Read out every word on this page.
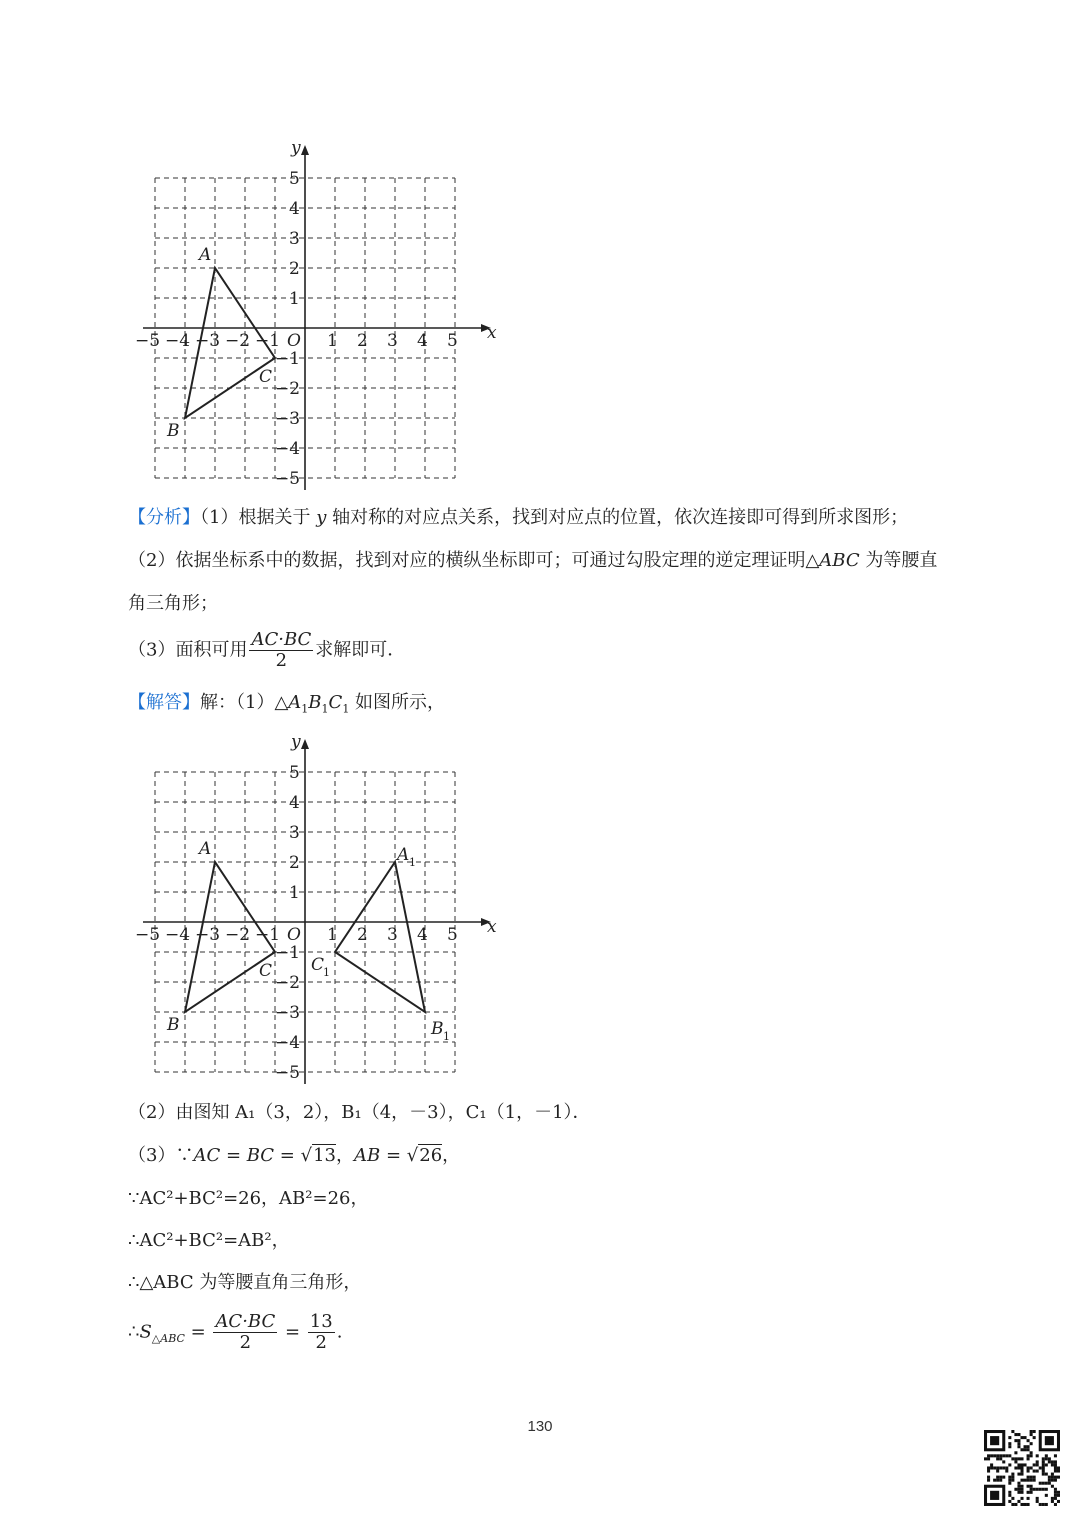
x
y
O
−5 −4 −3 −2 −1	1 2 3 4 5
5
4
3
2
1
−1
−2
−3
−4
−5
A
B
C
【分析】（1）根据关于 y 轴对称的对应点关系，找到对应点的位置，依次连接即可得到所求图形；
（2）依据坐标系中的数据，找到对应的横纵坐标即可；可通过勾股定理的逆定理证明△ABC 为等腰直
角三角形；
（3）面积可用 $\frac{AC\cdot BC}{2}$ 求解即可．
【解答】解：$(1)\triangle A_1B_1C_1$ 如图所示，
x
y
O
−5 −4 −3 −2 −1	1 2 3 4 5
5
4
3
2
1
−1
−2
−3
−4
−5
A
B
C
A 1
B 1
C
1
（2）由图知 A₁（3，2），B₁（4，－3），C₁（1，－1）．
（3）∵AC = BC = √13，AB = √26，
∵AC²+BC²=26，AB²=26，
∴AC²+BC²=AB²，
∴△ABC 为等腰直角三角形，
$\therefore S_{\triangle ABC} = \frac{AC\cdot BC}{2} = \frac{13}{2}$ .
130
